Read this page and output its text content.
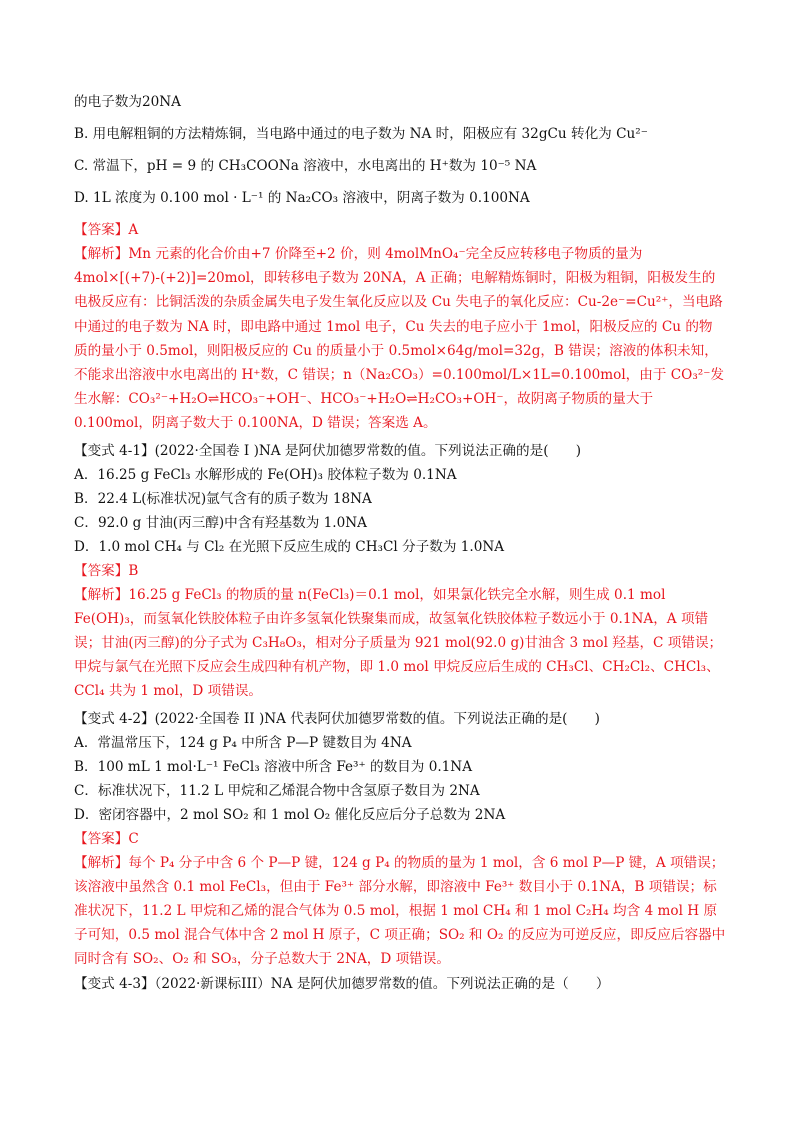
的电子数为20NA
B. 用电解粗铜的方法精炼铜，当电路中通过的电子数为 NA 时，阳极应有 32gCu 转化为 Cu²⁻
C. 常温下，pH = 9 的 CH₃COONa 溶液中，水电离出的 H⁺数为 10⁻⁵ NA
D. 1L 浓度为 0.100 mol · L⁻¹ 的 Na₂CO₃ 溶液中，阴离子数为 0.100NA
【答案】A
【解析】Mn 元素的化合价由+7 价降至+2 价，则 4molMnO₄⁻完全反应转移电子物质的量为 4mol×[(+7)-(+2)]=20mol，即转移电子数为 20NA，A 正确；电解精炼铜时，阳极为粗铜，阳极发生的电极反应有：比铜活泼的杂质金属失电子发生氧化反应以及 Cu 失电子的氧化反应：Cu-2e⁻=Cu²⁺，当电路中通过的电子数为 NA 时，即电路中通过 1mol 电子，Cu 失去的电子应小于 1mol，阳极反应的 Cu 的物质的量小于 0.5mol，则阳极反应的 Cu 的质量小于 0.5mol×64g/mol=32g，B 错误；溶液的体积未知，不能求出溶液中水电离出的 H⁺数，C 错误；n（Na₂CO₃）=0.100mol/L×1L=0.100mol，由于 CO₃²⁻发生水解：CO₃²⁻+H₂O⇌HCO₃⁻+OH⁻、HCO₃⁻+H₂O⇌H₂CO₃+OH⁻，故阴离子物质的量大于 0.100mol，阴离子数大于 0.100NA，D 错误；答案选 A。
【变式 4-1】(2022·全国卷 I )NA 是阿伏加德罗常数的值。下列说法正确的是(　　)
A．16.25 g FeCl₃ 水解形成的 Fe(OH)₃ 胶体粒子数为 0.1NA
B．22.4 L(标准状况)氩气含有的质子数为 18NA
C．92.0 g 甘油(丙三醇)中含有羟基数为 1.0NA
D．1.0 mol CH₄ 与 Cl₂ 在光照下反应生成的 CH₃Cl 分子数为 1.0NA
【答案】B
【解析】16.25 g FeCl₃ 的物质的量 n(FeCl₃)＝0.1 mol，如果氯化铁完全水解，则生成 0.1 mol Fe(OH)₃，而氢氧化铁胶体粒子由许多氢氧化铁聚集而成，故氢氧化铁胶体粒子数远小于 0.1NA，A 项错误；甘油(丙三醇)的分子式为 C₃H₈O₃，相对分子质量为 921 mol(92.0 g)甘油含 3 mol 羟基，C 项错误；甲烷与氯气在光照下反应会生成四种有机产物，即 1.0 mol 甲烷反应后生成的 CH₃Cl、CH₂Cl₂、CHCl₃、CCl₄ 共为 1 mol，D 项错误。
【变式 4-2】(2022·全国卷 II )NA 代表阿伏加德罗常数的值。下列说法正确的是(　　)
A．常温常压下，124 g P₄ 中所含 P—P 键数目为 4NA
B．100 mL 1 mol·L⁻¹ FeCl₃ 溶液中所含 Fe³⁺ 的数目为 0.1NA
C．标准状况下，11.2 L 甲烷和乙烯混合物中含氢原子数目为 2NA
D．密闭容器中，2 mol SO₂ 和 1 mol O₂ 催化反应后分子总数为 2NA
【答案】C
【解析】每个 P₄ 分子中含 6 个 P—P 键，124 g P₄ 的物质的量为 1 mol，含 6 mol P—P 键，A 项错误；该溶液中虽然含 0.1 mol FeCl₃，但由于 Fe³⁺ 部分水解，即溶液中 Fe³⁺ 数目小于 0.1NA，B 项错误；标准状况下，11.2 L 甲烷和乙烯的混合气体为 0.5 mol，根据 1 mol CH₄ 和 1 mol C₂H₄ 均含 4 mol H 原子可知，0.5 mol 混合气体中含 2 mol H 原子，C 项正确；SO₂ 和 O₂ 的反应为可逆反应，即反应后容器中同时含有 SO₂、O₂ 和 SO₃，分子总数大于 2NA，D 项错误。
【变式 4-3】（2022·新课标III）NA 是阿伏加德罗常数的值。下列说法正确的是（　　）
